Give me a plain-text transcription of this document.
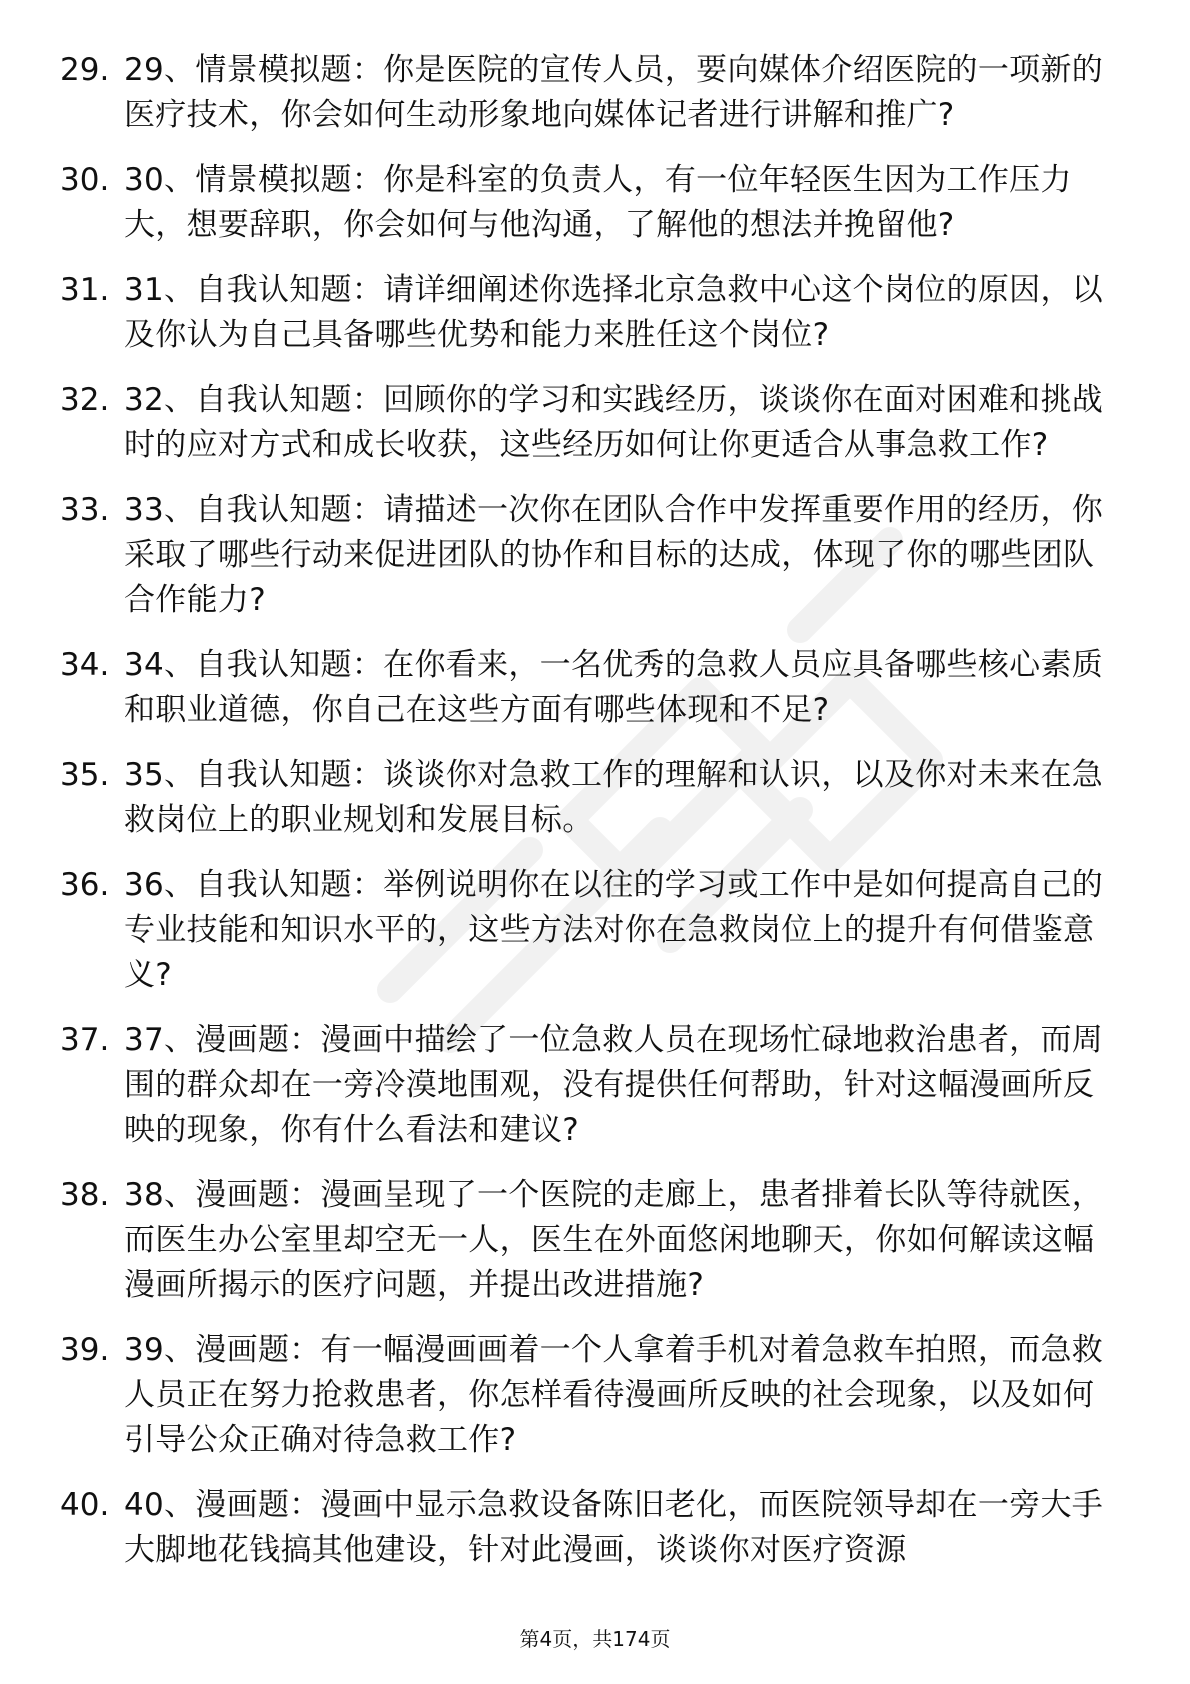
29. 29、情景模拟题：你是医院的宣传人员，要向媒体介绍医院的一项新的医疗技术，你会如何生动形象地向媒体记者进行讲解和推广?
30. 30、情景模拟题：你是科室的负责人，有一位年轻医生因为工作压力大，想要辞职，你会如何与他沟通，了解他的想法并挽留他?
31. 31、自我认知题：请详细阐述你选择北京急救中心这个岗位的原因，以及你认为自己具备哪些优势和能力来胜任这个岗位?
32. 32、自我认知题：回顾你的学习和实践经历，谈谈你在面对困难和挑战时的应对方式和成长收获，这些经历如何让你更适合从事急救工作?
33. 33、自我认知题：请描述一次你在团队合作中发挥重要作用的经历，你采取了哪些行动来促进团队的协作和目标的达成，体现了你的哪些团队合作能力?
34. 34、自我认知题：在你看来，一名优秀的急救人员应具备哪些核心素质和职业道德，你自己在这些方面有哪些体现和不足?
35. 35、自我认知题：谈谈你对急救工作的理解和认识，以及你对未来在急救岗位上的职业规划和发展目标。
36. 36、自我认知题：举例说明你在以往的学习或工作中是如何提高自己的专业技能和知识水平的，这些方法对你在急救岗位上的提升有何借鉴意义?
37. 37、漫画题：漫画中描绘了一位急救人员在现场忙碌地救治患者，而周围的群众却在一旁冷漠地围观，没有提供任何帮助，针对这幅漫画所反映的现象，你有什么看法和建议?
38. 38、漫画题：漫画呈现了一个医院的走廊上，患者排着长队等待就医，而医生办公室里却空无一人，医生在外面悠闲地聊天，你如何解读这幅漫画所揭示的医疗问题，并提出改进措施?
39. 39、漫画题：有一幅漫画画着一个人拿着手机对着急救车拍照，而急救人员正在努力抢救患者，你怎样看待漫画所反映的社会现象，以及如何引导公众正确对待急救工作?
40. 40、漫画题：漫画中显示急救设备陈旧老化，而医院领导却在一旁大手大脚地花钱搞其他建设，针对此漫画，谈谈你对医疗资源
第4页，共174页
